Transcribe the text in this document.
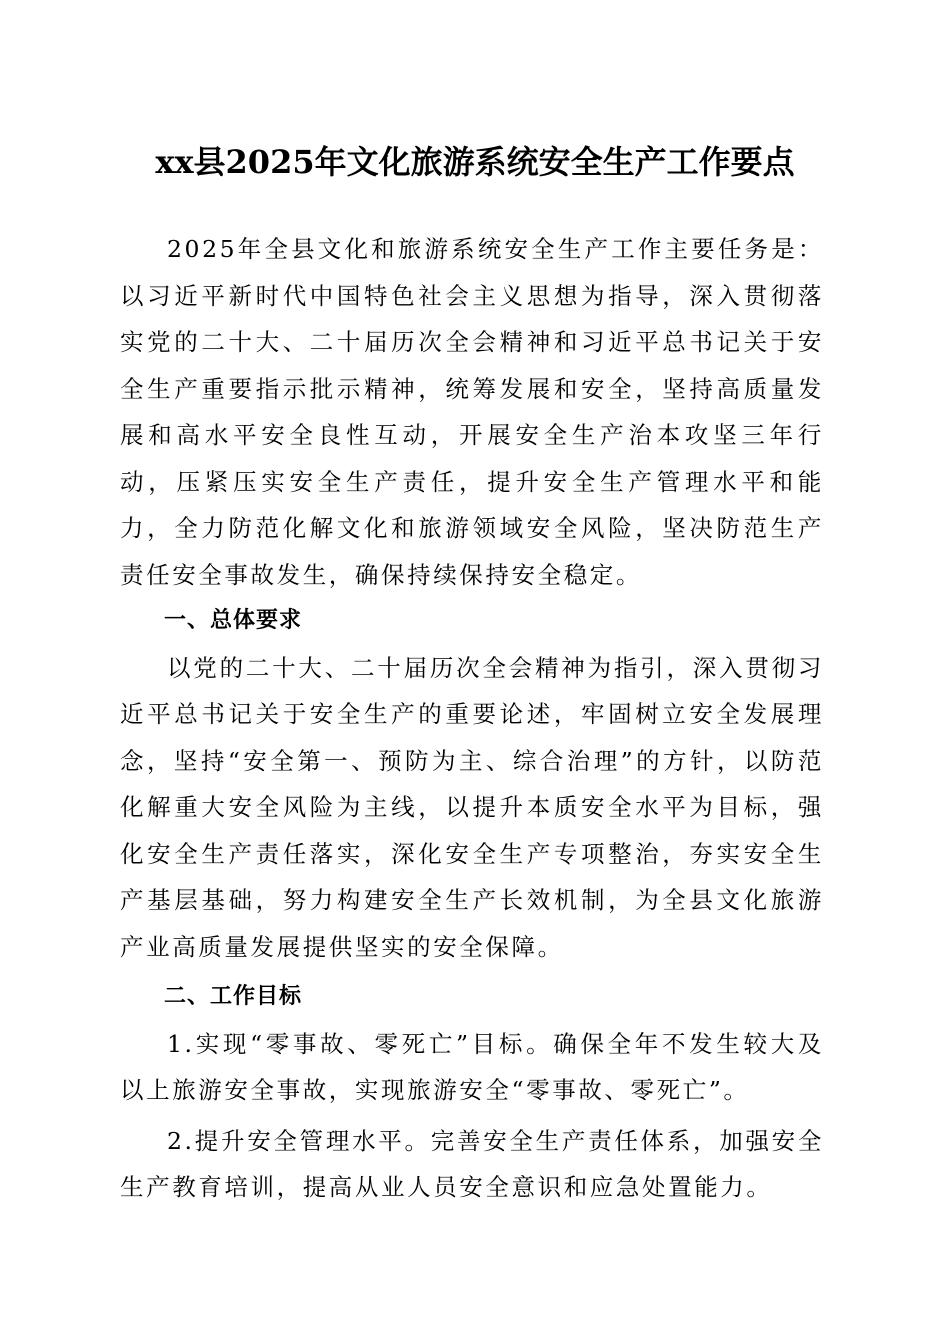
xx县2025年文化旅游系统安全生产工作要点

2025年全县文化和旅游系统安全生产工作主要任务是：以习近平新时代中国特色社会主义思想为指导，深入贯彻落实党的二十大、二十届历次全会精神和习近平总书记关于安全生产重要指示批示精神，统筹发展和安全，坚持高质量发展和高水平安全良性互动，开展安全生产治本攻坚三年行动，压紧压实安全生产责任，提升安全生产管理水平和能力，全力防范化解文化和旅游领域安全风险，坚决防范生产责任安全事故发生，确保持续保持安全稳定。

一、总体要求

以党的二十大、二十届历次全会精神为指引，深入贯彻习近平总书记关于安全生产的重要论述，牢固树立安全发展理念，坚持“安全第一、预防为主、综合治理”的方针，以防范化解重大安全风险为主线，以提升本质安全水平为目标，强化安全生产责任落实，深化安全生产专项整治，夯实安全生产基层基础，努力构建安全生产长效机制，为全县文化旅游产业高质量发展提供坚实的安全保障。

二、工作目标

1.实现“零事故、零死亡”目标。确保全年不发生较大及以上旅游安全事故，实现旅游安全“零事故、零死亡”。

2.提升安全管理水平。完善安全生产责任体系，加强安全生产教育培训，提高从业人员安全意识和应急处置能力。
